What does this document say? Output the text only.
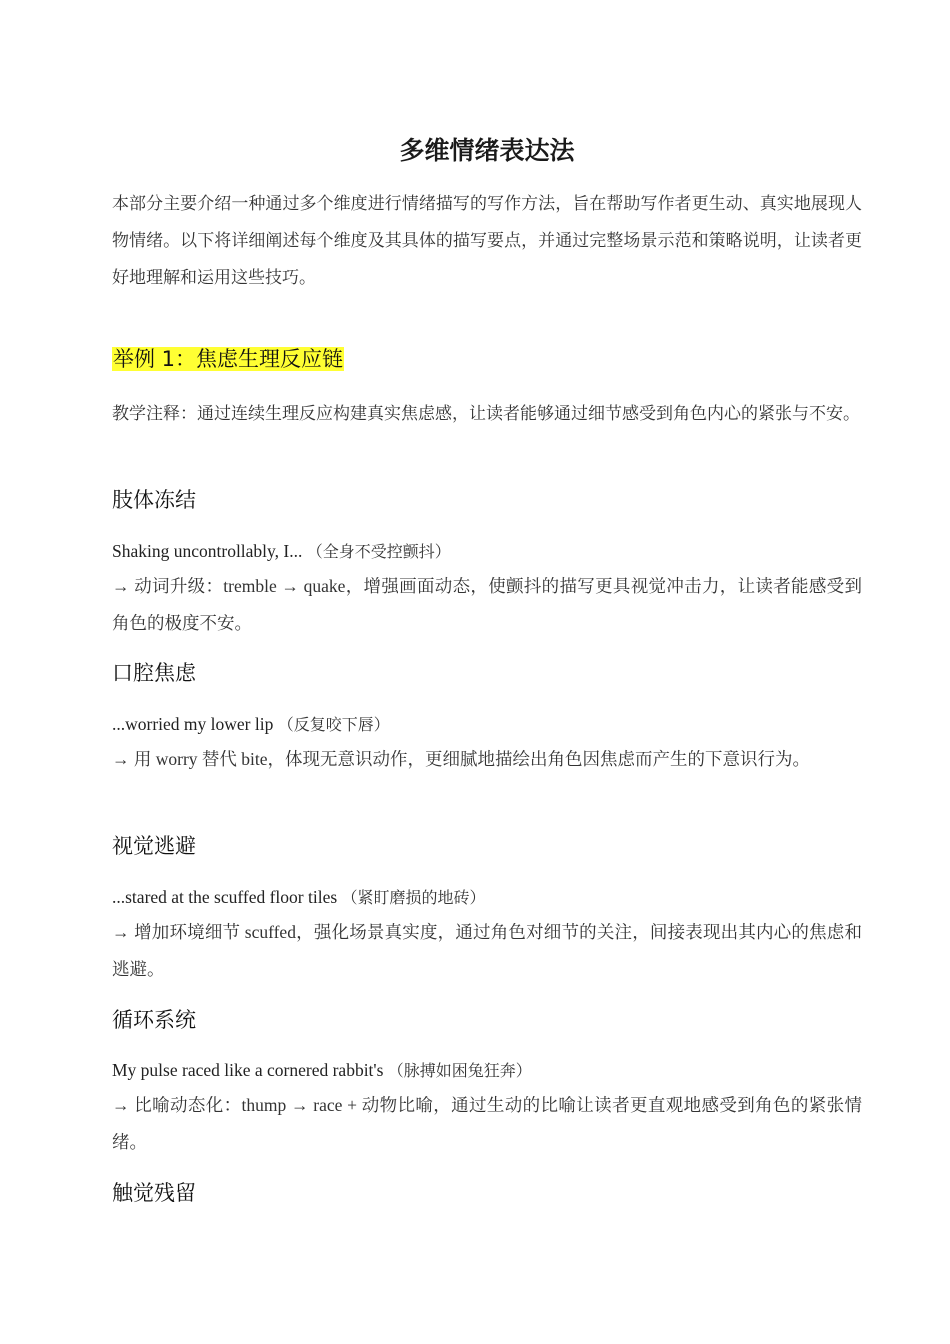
多维情绪表达法

本部分主要介绍一种通过多个维度进行情绪描写的写作方法，旨在帮助写作者更生动、真实地展现人物情绪。以下将详细阐述每个维度及其具体的描写要点，并通过完整场景示范和策略说明，让读者更好地理解和运用这些技巧。

举例 1：焦虑生理反应链

教学注释：通过连续生理反应构建真实焦虑感，让读者能够通过细节感受到角色内心的紧张与不安。

肢体冻结

Shaking uncontrollably, I... （全身不受控颤抖）

→ 动词升级：tremble → quake，增强画面动态，使颤抖的描写更具视觉冲击力，让读者能感受到角色的极度不安。

口腔焦虑

...worried my lower lip （反复咬下唇）

→ 用 worry 替代 bite，体现无意识动作，更细腻地描绘出角色因焦虑而产生的下意识行为。

视觉逃避

...stared at the scuffed floor tiles （紧盯磨损的地砖）

→ 增加环境细节 scuffed，强化场景真实度，通过角色对细节的关注，间接表现出其内心的焦虑和逃避。

循环系统

My pulse raced like a cornered rabbit's （脉搏如困兔狂奔）

→ 比喻动态化：thump → race + 动物比喻，通过生动的比喻让读者更直观地感受到角色的紧张情绪。

触觉残留
